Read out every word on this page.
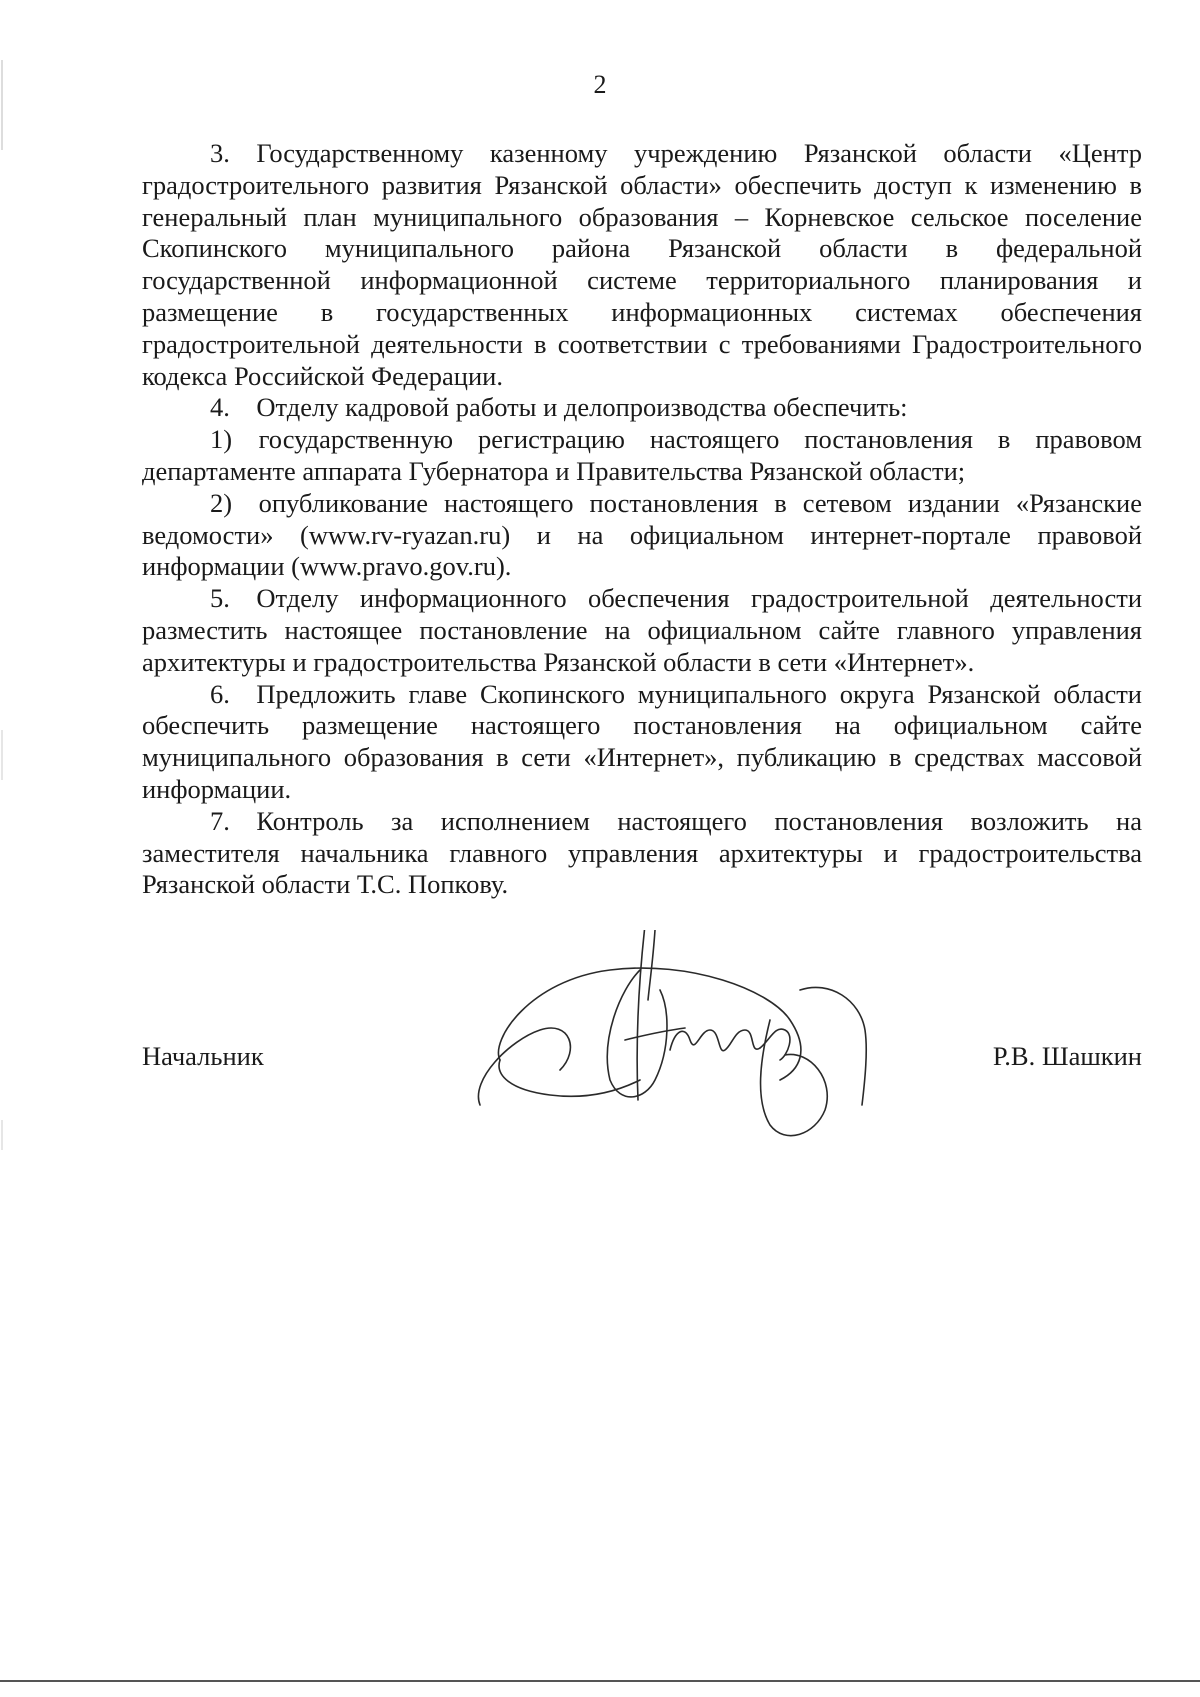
2

3. Государственному казенному учреждению Рязанской области «Центр градостроительного развития Рязанской области» обеспечить доступ к изменению в генеральный план муниципального образования – Корневское сельское поселение Скопинского муниципального района Рязанской области в федеральной государственной информационной системе территориального планирования и размещение в государственных информационных системах обеспечения градостроительной деятельности в соответствии с требованиями Градостроительного кодекса Российской Федерации.

4. Отделу кадровой работы и делопроизводства обеспечить:

1) государственную регистрацию настоящего постановления в правовом департаменте аппарата Губернатора и Правительства Рязанской области;

2) опубликование настоящего постановления в сетевом издании «Рязанские ведомости» (www.rv-ryazan.ru) и на официальном интернет-портале правовой информации (www.pravo.gov.ru).

5. Отделу информационного обеспечения градостроительной деятельности разместить настоящее постановление на официальном сайте главного управления архитектуры и градостроительства Рязанской области в сети «Интернет».

6. Предложить главе Скопинского муниципального округа Рязанской области обеспечить размещение настоящего постановления на официальном сайте муниципального образования в сети «Интернет», публикацию в средствах массовой информации.

7. Контроль за исполнением настоящего постановления возложить на заместителя начальника главного управления архитектуры и градостроительства Рязанской области Т.С. Попкову.

Начальник	Р.В. Шашкин
